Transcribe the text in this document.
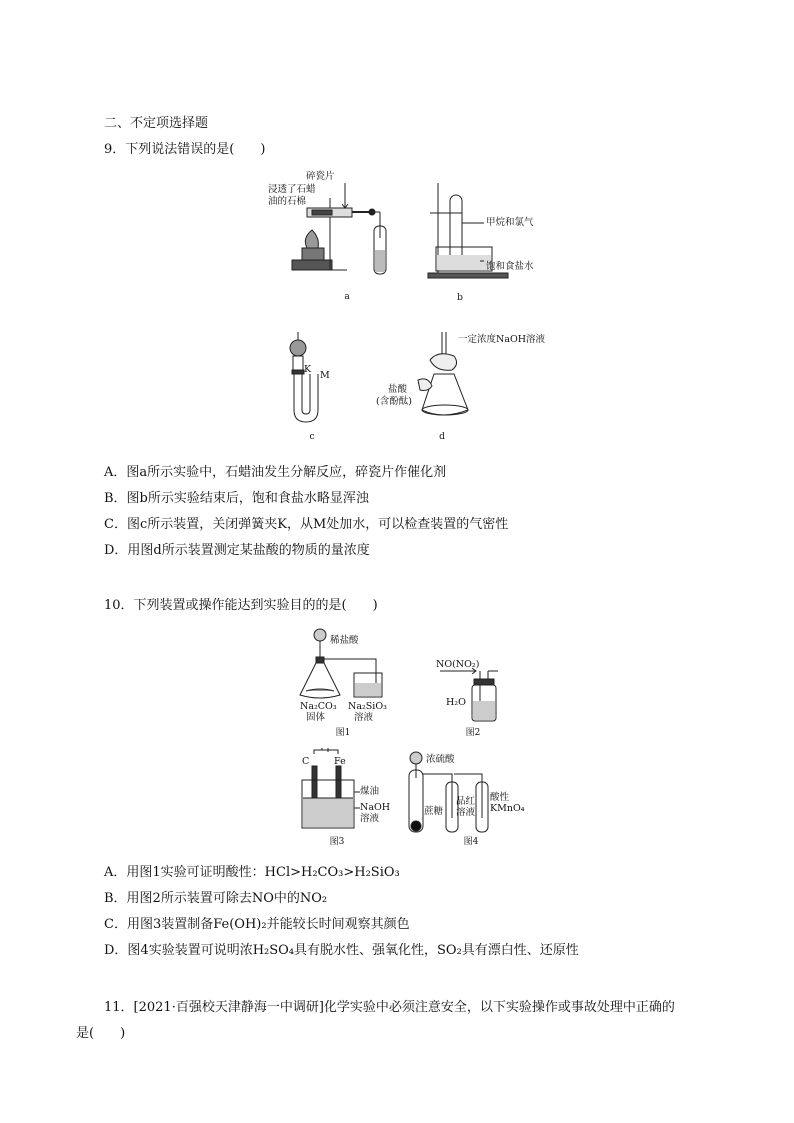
二、不定项选择题
9．下列说法错误的是(　　)
碎瓷片
浸透了石蜡
油的石棉
a
甲烷和氯气
饱和食盐水
b
K
M
c
一定浓度NaOH溶液
盐酸
(含酚酞)
d
A．图a所示实验中，石蜡油发生分解反应，碎瓷片作催化剂
B．图b所示实验结束后，饱和食盐水略显浑浊
C．图c所示装置，关闭弹簧夹K，从M处加水，可以检查装置的气密性
D．用图d所示装置测定某盐酸的物质的量浓度
10．下列装置或操作能达到实验目的的是(　　)
稀盐酸
Na₂CO₃
固体
Na₂SiO₃
溶液
图1
NO(NO₂)
H₂O
图2
C	Fe
煤油
NaOH
溶液
图3
浓硫酸
蔗糖
品红
溶液
酸性
KMnO₄
图4
A．用图1实验可证明酸性：HCl>H₂CO₃>H₂SiO₃
B．用图2所示装置可除去NO中的NO₂
C．用图3装置制备Fe(OH)₂并能较长时间观察其颜色
D．图4实验装置可说明浓H₂SO₄具有脱水性、强氧化性，SO₂具有漂白性、还原性
11．[2021·百强校天津静海一中调研]化学实验中必须注意安全，以下实验操作或事故处理中正确的
是(　　)
